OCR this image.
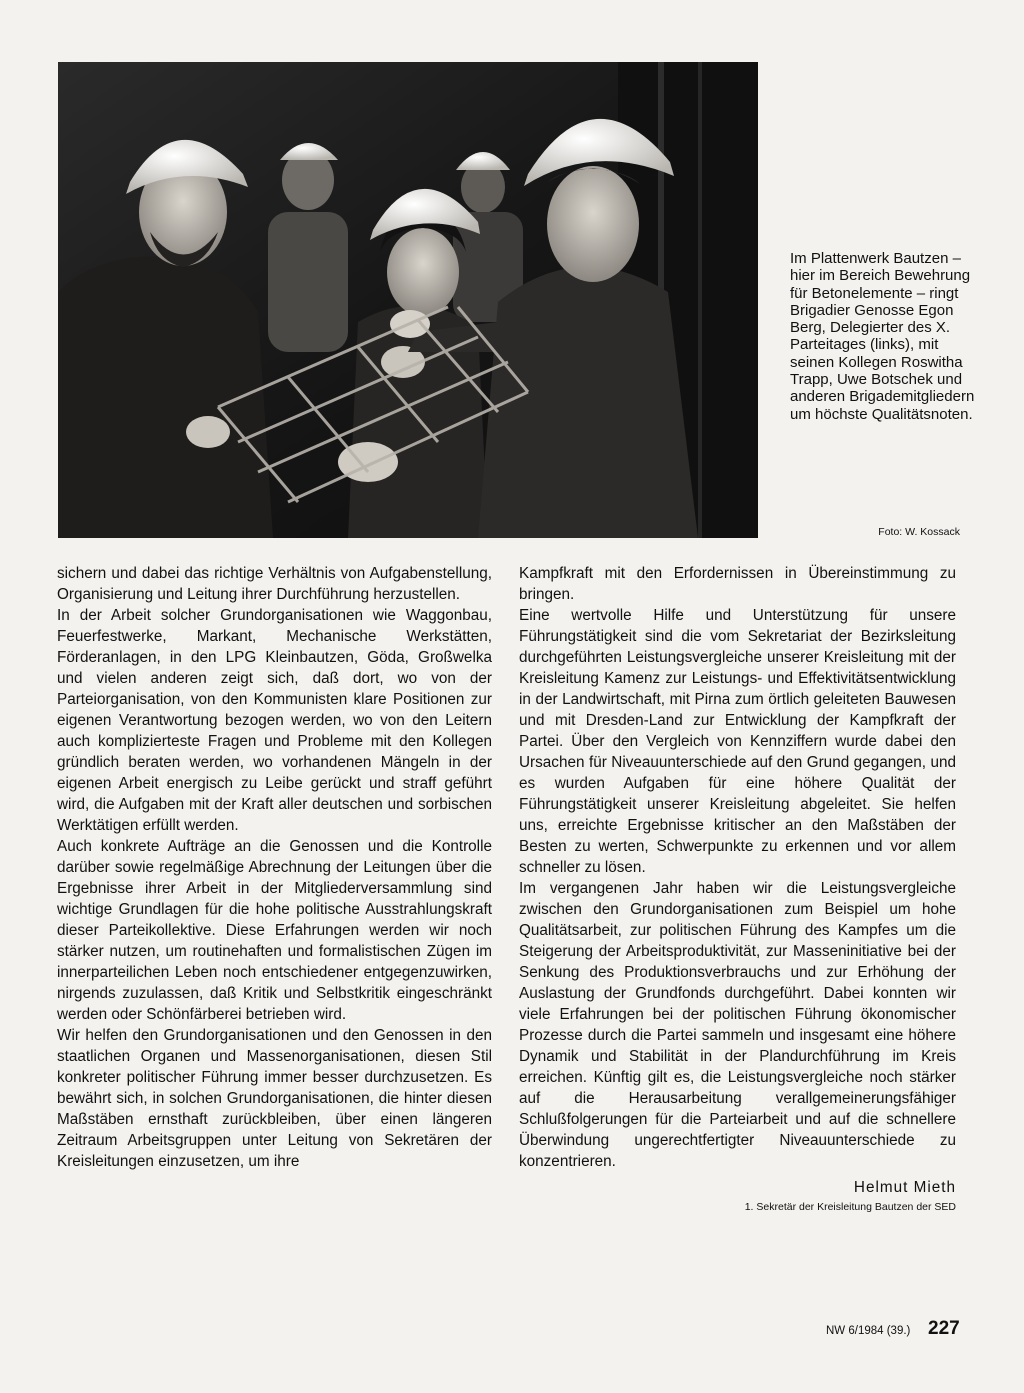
Im Plattenwerk Bautzen – hier im Bereich Bewehrung für Betonelemente – ringt Brigadier Genosse Egon Berg, Delegierter des X. Parteitages (links), mit seinen Kollegen Roswitha Trapp, Uwe Botschek und anderen Brigademitgliedern um höchste Qualitätsnoten.

Foto: W. Kossack

sichern und dabei das richtige Verhältnis von Aufgabenstellung, Organisierung und Leitung ihrer Durchführung herzustellen.

In der Arbeit solcher Grundorganisationen wie Waggonbau, Feuerfestwerke, Markant, Mechanische Werkstätten, Förderanlagen, in den LPG Kleinbautzen, Göda, Großwelka und vielen anderen zeigt sich, daß dort, wo von der Parteiorganisation, von den Kommunisten klare Positionen zur eigenen Verantwortung bezogen werden, wo von den Leitern auch komplizierteste Fragen und Probleme mit den Kollegen gründlich beraten werden, wo vorhandenen Mängeln in der eigenen Arbeit energisch zu Leibe gerückt und straff geführt wird, die Aufgaben mit der Kraft aller deutschen und sorbischen Werktätigen erfüllt werden.

Auch konkrete Aufträge an die Genossen und die Kontrolle darüber sowie regelmäßige Abrechnung der Leitungen über die Ergebnisse ihrer Arbeit in der Mitgliederversammlung sind wichtige Grundlagen für die hohe politische Ausstrahlungskraft dieser Parteikollektive. Diese Erfahrungen werden wir noch stärker nutzen, um routinehaften und formalistischen Zügen im innerparteilichen Leben noch entschiedener entgegenzuwirken, nirgends zuzulassen, daß Kritik und Selbstkritik eingeschränkt werden oder Schönfärberei betrieben wird.

Wir helfen den Grundorganisationen und den Genossen in den staatlichen Organen und Massenorganisationen, diesen Stil konkreter politischer Führung immer besser durchzusetzen. Es bewährt sich, in solchen Grundorganisationen, die hinter diesen Maßstäben ernsthaft zurückbleiben, über einen längeren Zeitraum Arbeitsgruppen unter Leitung von Sekretären der Kreisleitungen einzusetzen, um ihre

Kampfkraft mit den Erfordernissen in Übereinstimmung zu bringen.

Eine wertvolle Hilfe und Unterstützung für unsere Führungstätigkeit sind die vom Sekretariat der Bezirksleitung durchgeführten Leistungsvergleiche unserer Kreisleitung mit der Kreisleitung Kamenz zur Leistungs- und Effektivitätsentwicklung in der Landwirtschaft, mit Pirna zum örtlich geleiteten Bauwesen und mit Dresden-Land zur Entwicklung der Kampfkraft der Partei. Über den Vergleich von Kennziffern wurde dabei den Ursachen für Niveauunterschiede auf den Grund gegangen, und es wurden Aufgaben für eine höhere Qualität der Führungstätigkeit unserer Kreisleitung abgeleitet. Sie helfen uns, erreichte Ergebnisse kritischer an den Maßstäben der Besten zu werten, Schwerpunkte zu erkennen und vor allem schneller zu lösen.

Im vergangenen Jahr haben wir die Leistungsvergleiche zwischen den Grundorganisationen zum Beispiel um hohe Qualitätsarbeit, zur politischen Führung des Kampfes um die Steigerung der Arbeitsproduktivität, zur Masseninitiative bei der Senkung des Produktionsverbrauchs und zur Erhöhung der Auslastung der Grundfonds durchgeführt. Dabei konnten wir viele Erfahrungen bei der politischen Führung ökonomischer Prozesse durch die Partei sammeln und insgesamt eine höhere Dynamik und Stabilität in der Plandurchführung im Kreis erreichen. Künftig gilt es, die Leistungsvergleiche noch stärker auf die Herausarbeitung verallgemeinerungsfähiger Schlußfolgerungen für die Parteiarbeit und auf die schnellere Überwindung ungerechtfertigter Niveauunterschiede zu konzentrieren.

Helmut Mieth

1. Sekretär der Kreisleitung Bautzen der SED

NW 6/1984 (39.) 227
